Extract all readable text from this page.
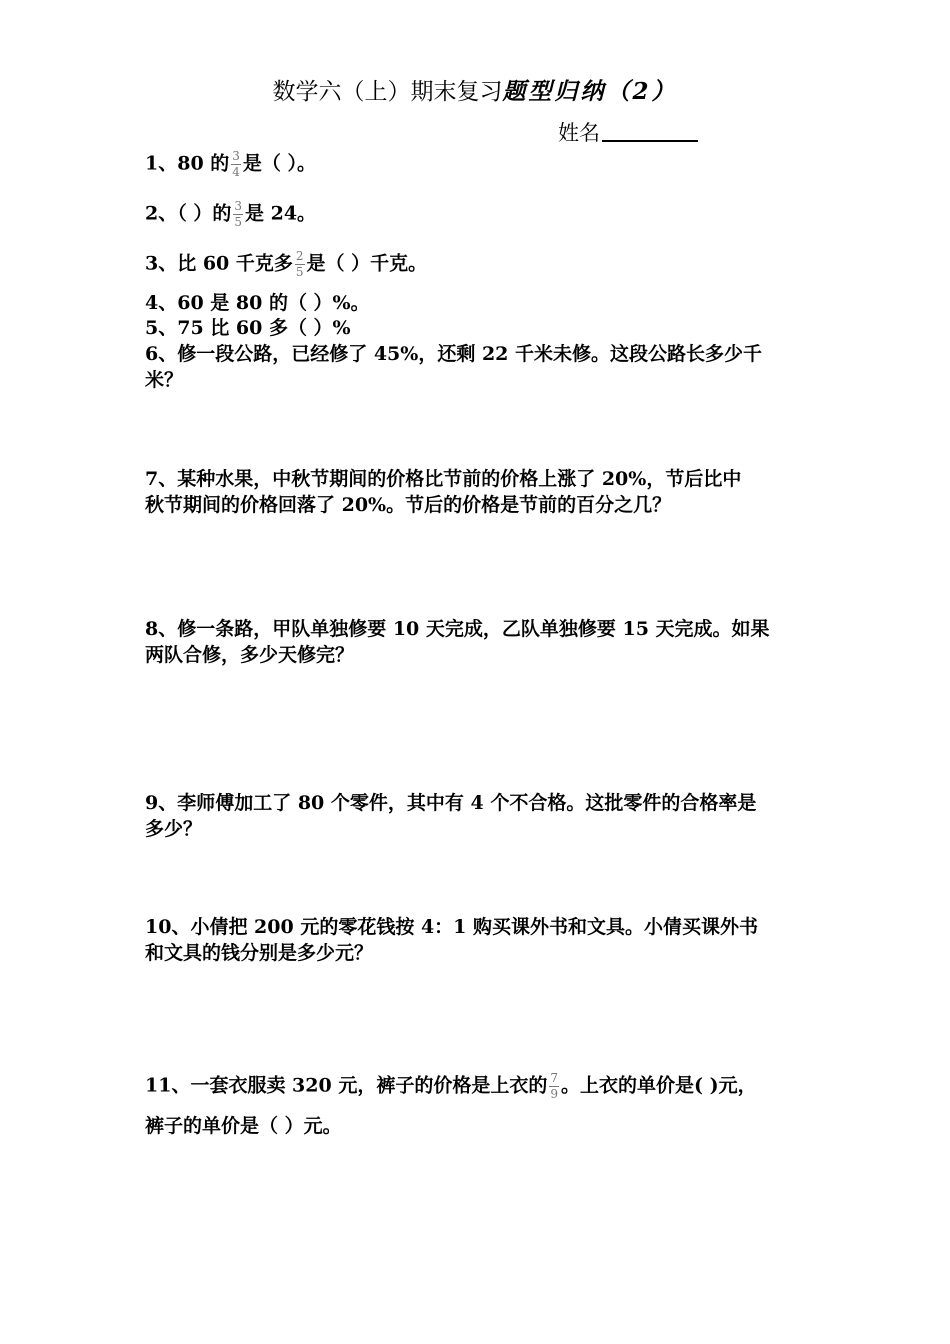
数学六（上）期末复习题型归纳（2）
姓名
1、80 的 $\frac{3}{4}$ 是（ ）。
2、（ ）的 $\frac{3}{5}$ 是 24。
3、比 60 千克多 $\frac{2}{5}$ 是（ ）千克。
4、60 是 80 的（ ）%。
5、75 比 60 多（ ）%
6、修一段公路，已经修了 45%，还剩 22 千米未修。这段公路长多少千
米？
7、某种水果，中秋节期间的价格比节前的价格上涨了 20%，节后比中
秋节期间的价格回落了 20%。节后的价格是节前的百分之几？
8、修一条路，甲队单独修要 10 天完成，乙队单独修要 15 天完成。如果
两队合修，多少天修完？
9、李师傅加工了 80 个零件，其中有 4 个不合格。这批零件的合格率是
多少？
10、小倩把 200 元的零花钱按 4：1 购买课外书和文具。小倩买课外书
和文具的钱分别是多少元？
11、一套衣服卖 320 元，裤子的价格是上衣的 $\frac{7}{9}$ 。上衣的单价是( )元，
裤子的单价是（ ）元。
